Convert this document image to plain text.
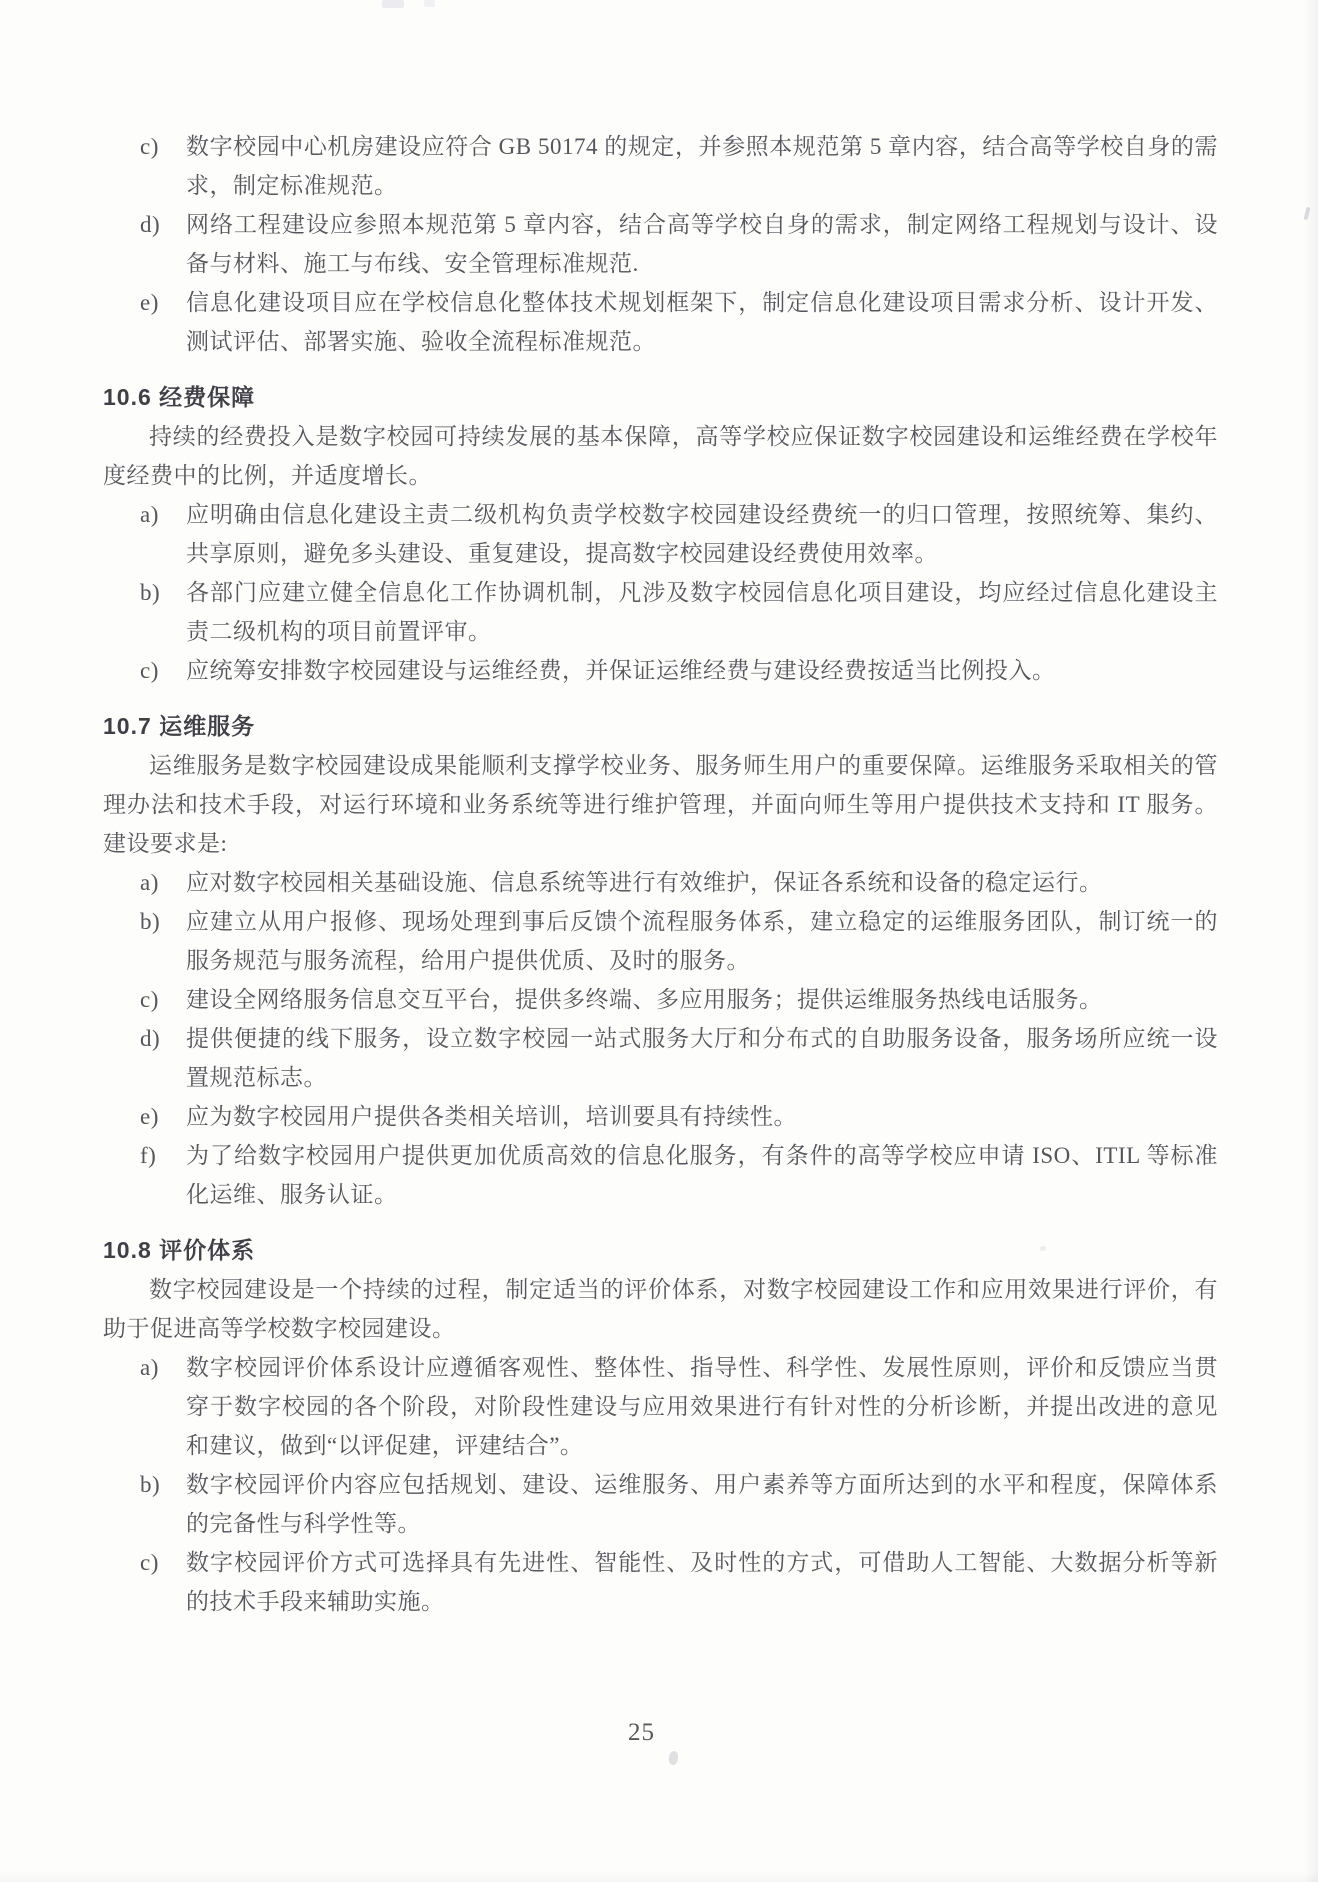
c)	数字校园中心机房建设应符合 GB 50174 的规定，并参照本规范第 5 章内容，结合高等学校自身的需求，制定标准规范。
d)	网络工程建设应参照本规范第 5 章内容，结合高等学校自身的需求，制定网络工程规划与设计、设备与材料、施工与布线、安全管理标准规范.
e)	信息化建设项目应在学校信息化整体技术规划框架下，制定信息化建设项目需求分析、设计开发、测试评估、部署实施、验收全流程标准规范。
10.6 经费保障

持续的经费投入是数字校园可持续发展的基本保障，高等学校应保证数字校园建设和运维经费在学校年度经费中的比例，并适度增长。

a)	应明确由信息化建设主责二级机构负责学校数字校园建设经费统一的归口管理，按照统筹、集约、共享原则，避免多头建设、重复建设，提高数字校园建设经费使用效率。
b)	各部门应建立健全信息化工作协调机制，凡涉及数字校园信息化项目建设，均应经过信息化建设主责二级机构的项目前置评审。
c)	应统筹安排数字校园建设与运维经费，并保证运维经费与建设经费按适当比例投入。
10.7 运维服务

运维服务是数字校园建设成果能顺利支撑学校业务、服务师生用户的重要保障。运维服务采取相关的管理办法和技术手段，对运行环境和业务系统等进行维护管理，并面向师生等用户提供技术支持和 IT 服务。建设要求是:

a)	应对数字校园相关基础设施、信息系统等进行有效维护，保证各系统和设备的稳定运行。
b)	应建立从用户报修、现场处理到事后反馈个流程服务体系，建立稳定的运维服务团队，制订统一的服务规范与服务流程，给用户提供优质、及时的服务。
c)	建设全网络服务信息交互平台，提供多终端、多应用服务；提供运维服务热线电话服务。
d)	提供便捷的线下服务，设立数字校园一站式服务大厅和分布式的自助服务设备，服务场所应统一设置规范标志。
e)	应为数字校园用户提供各类相关培训，培训要具有持续性。
f)	为了给数字校园用户提供更加优质高效的信息化服务，有条件的高等学校应申请 ISO、ITIL 等标准化运维、服务认证。
10.8 评价体系

数字校园建设是一个持续的过程，制定适当的评价体系，对数字校园建设工作和应用效果进行评价，有助于促进高等学校数字校园建设。

a)	数字校园评价体系设计应遵循客观性、整体性、指导性、科学性、发展性原则，评价和反馈应当贯穿于数字校园的各个阶段，对阶段性建设与应用效果进行有针对性的分析诊断，并提出改进的意见和建议，做到“以评促建，评建结合”。
b)	数字校园评价内容应包括规划、建设、运维服务、用户素养等方面所达到的水平和程度，保障体系的完备性与科学性等。
c)	数字校园评价方式可选择具有先进性、智能性、及时性的方式，可借助人工智能、大数据分析等新的技术手段来辅助实施。
25
